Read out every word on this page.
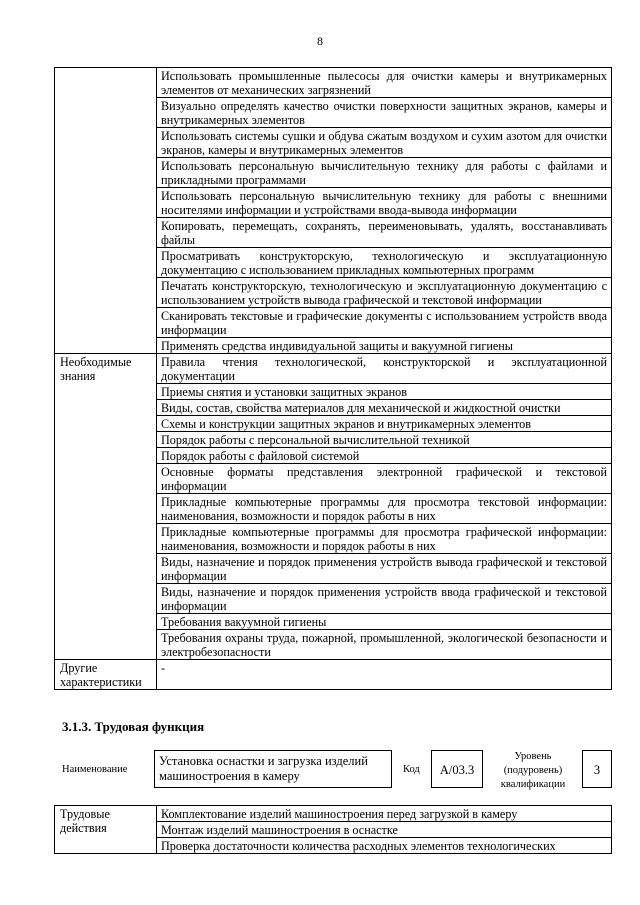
8
	Использовать промышленные пылесосы для очистки камеры и внутрикамерных элементов от механических загрязнений
	Визуально определять качество очистки поверхности защитных экранов, камеры и внутрикамерных элементов
	Использовать системы сушки и обдува сжатым воздухом и сухим азотом для очистки экранов, камеры и внутрикамерных элементов
	Использовать персональную вычислительную технику для работы с файлами и прикладными программами
	Использовать персональную вычислительную технику для работы с внешними носителями информации и устройствами ввода-вывода информации
	Копировать, перемещать, сохранять, переименовывать, удалять, восстанавливать файлы
	Просматривать конструкторскую, технологическую и эксплуатационную документацию с использованием прикладных компьютерных программ
	Печатать конструкторскую, технологическую и эксплуатационную документацию с использованием устройств вывода графической и текстовой информации
	Сканировать текстовые и графические документы с использованием устройств ввода информации
	Применять средства индивидуальной защиты и вакуумной гигиены
Необходимые знания	Правила чтения технологической, конструкторской и эксплуатационной документации
	Приемы снятия и установки защитных экранов
	Виды, состав, свойства материалов для механической и жидкостной очистки
	Схемы и конструкции защитных экранов и внутрикамерных элементов
	Порядок работы с персональной вычислительной техникой
	Порядок работы с файловой системой
	Основные форматы представления электронной графической и текстовой информации
	Прикладные компьютерные программы для просмотра текстовой информации: наименования, возможности и порядок работы в них
	Прикладные компьютерные программы для просмотра графической информации: наименования, возможности и порядок работы в них
	Виды, назначение и порядок применения устройств вывода графической и текстовой информации
	Виды, назначение и порядок применения устройств ввода графической и текстовой информации
	Требования вакуумной гигиены
	Требования охраны труда, пожарной, промышленной, экологической безопасности и электробезопасности
Другие характеристики	-
3.1.3. Трудовая функция
Наименование
Установка оснастки и загрузка изделий машиностроения в камеру	Код	A/03.3
Уровень (подуровень) квалификации
3
Трудовые действия	Комплектование изделий машиностроения перед загрузкой в камеру
Монтаж изделий машиностроения в оснастке
Проверка достаточности количества расходных элементов технологических
